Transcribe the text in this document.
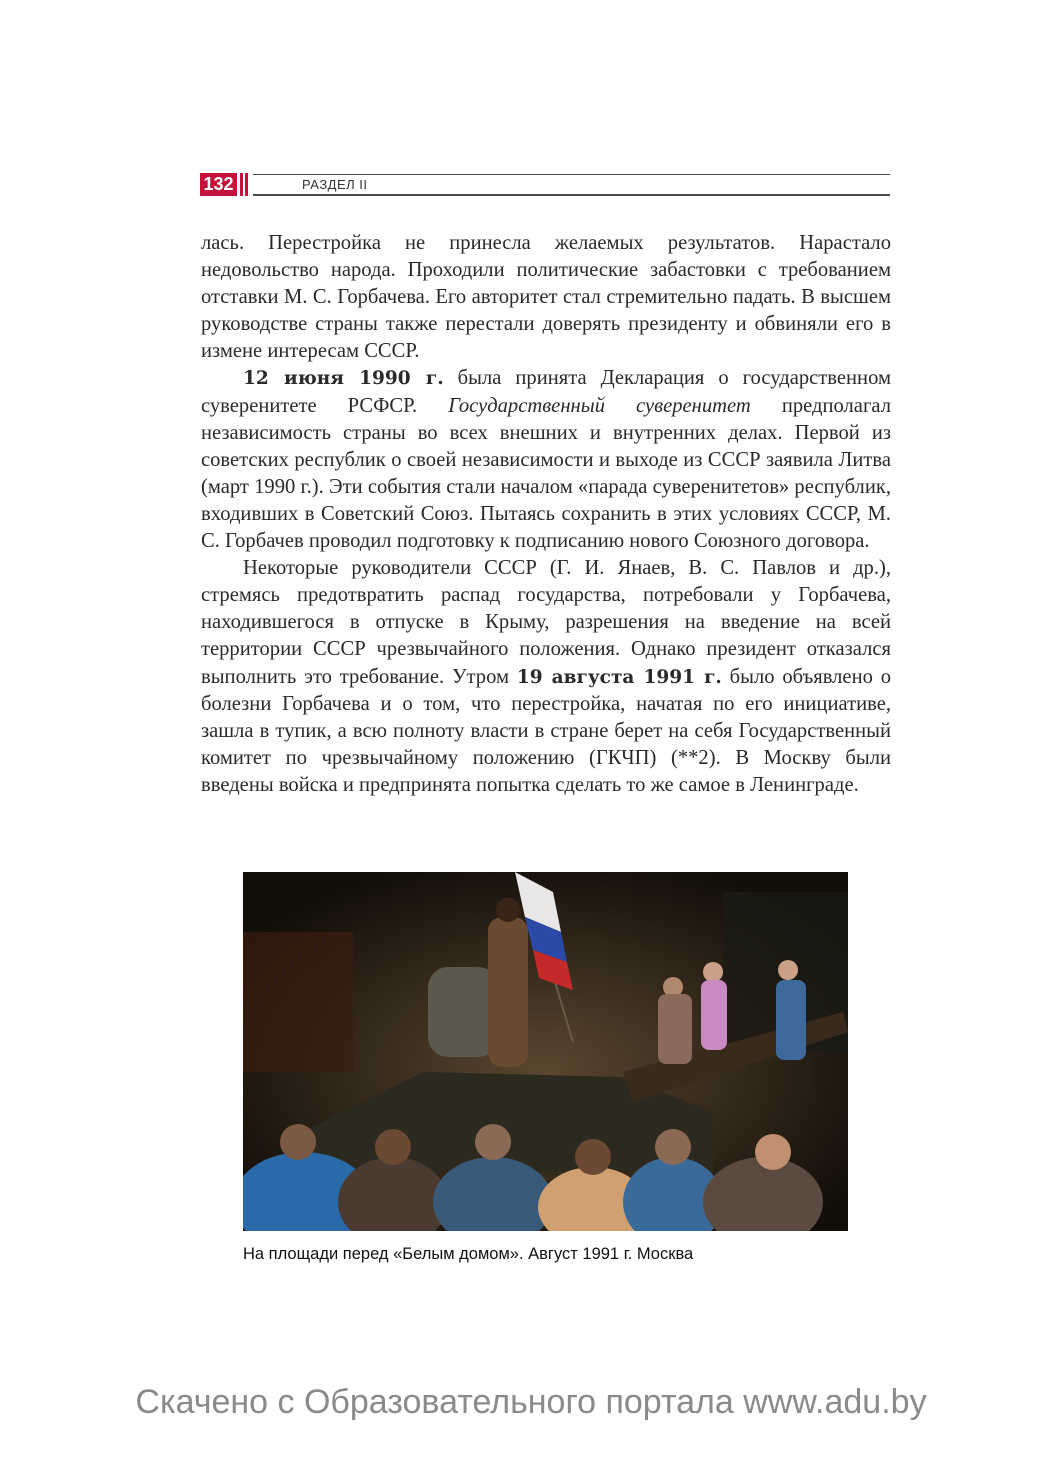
132	РАЗДЕЛ II

лась. Перестройка не принесла желаемых результатов. Нарастало недовольство народа. Проходили политические забастовки с требованием отставки М. С. Горбачева. Его авторитет стал стремительно падать. В высшем руководстве страны также перестали доверять президенту и обвиняли его в измене интересам СССР.

12 июня 1990 г. была принята Декларация о государственном суверенитете РСФСР. Государственный суверенитет предполагал независимость страны во всех внешних и внутренних делах. Первой из советских республик о своей независимости и выходе из СССР заявила Литва (март 1990 г.). Эти события стали началом «парада суверенитетов» республик, входивших в Советский Союз. Пытаясь сохранить в этих условиях СССР, М. С. Горбачев проводил подготовку к подписанию нового Союзного договора.

Некоторые руководители СССР (Г. И. Янаев, В. С. Павлов и др.), стремясь предотвратить распад государства, потребовали у Горбачева, находившегося в отпуске в Крыму, разрешения на введение на всей территории СССР чрезвычайного положения. Однако президент отказался выполнить это требование. Утром 19 августа 1991 г. было объявлено о болезни Горбачева и о том, что перестройка, начатая по его инициативе, зашла в тупик, а всю полноту власти в стране берет на себя Государственный комитет по чрезвычайному положению (ГКЧП) (**2). В Москву были введены войска и предпринята попытка сделать то же самое в Ленинграде.

На площади перед «Белым домом». Август 1991 г. Москва
Скачено с Образовательного портала www.adu.by
